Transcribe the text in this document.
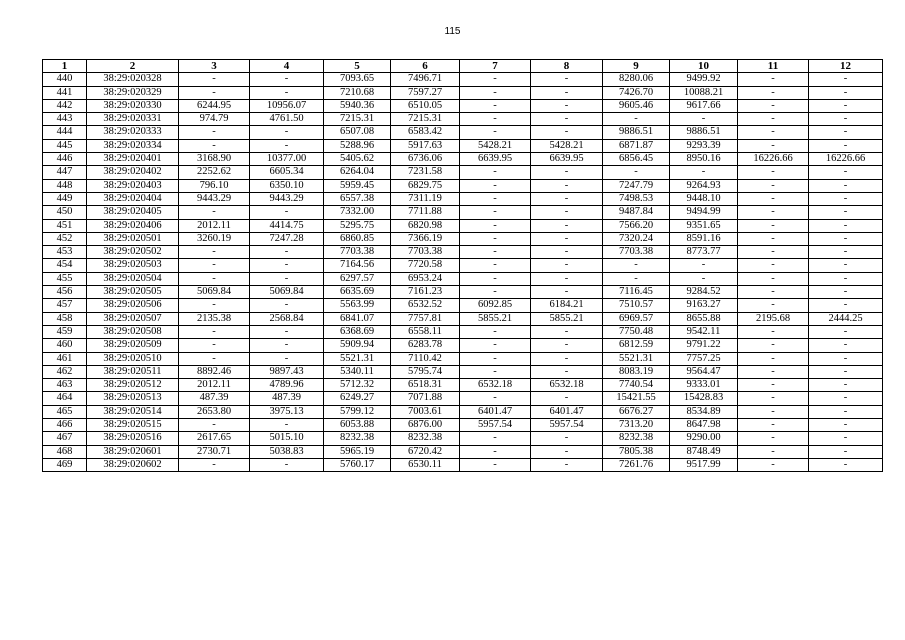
115
1	2	3	4	5	6	7	8	9	10	11	12
440	38:29:020328	-	-	7093.65	7496.71	-	-	8280.06	9499.92	-	-
441	38:29:020329	-	-	7210.68	7597.27	-	-	7426.70	10088.21	-	-
442	38:29:020330	6244.95	10956.07	5940.36	6510.05	-	-	9605.46	9617.66	-	-
443	38:29:020331	974.79	4761.50	7215.31	7215.31	-	-	-	-	-	-
444	38:29:020333	-	-	6507.08	6583.42	-	-	9886.51	9886.51	-	-
445	38:29:020334	-	-	5288.96	5917.63	5428.21	5428.21	6871.87	9293.39	-	-
446	38:29:020401	3168.90	10377.00	5405.62	6736.06	6639.95	6639.95	6856.45	8950.16	16226.66	16226.66
447	38:29:020402	2252.62	6605.34	6264.04	7231.58	-	-	-	-	-	-
448	38:29:020403	796.10	6350.10	5959.45	6829.75	-	-	7247.79	9264.93	-	-
449	38:29:020404	9443.29	9443.29	6557.38	7311.19	-	-	7498.53	9448.10	-	-
450	38:29:020405	-	-	7332.00	7711.88	-	-	9487.84	9494.99	-	-
451	38:29:020406	2012.11	4414.75	5295.75	6820.98	-	-	7566.20	9351.65	-	-
452	38:29:020501	3260.19	7247.28	6860.85	7366.19	-	-	7320.24	8591.16	-	-
453	38:29:020502	-	-	7703.38	7703.38	-	-	7703.38	8773.77	-	-
454	38:29:020503	-	-	7164.56	7720.58	-	-	-	-	-	-
455	38:29:020504	-	-	6297.57	6953.24	-	-	-	-	-	-
456	38:29:020505	5069.84	5069.84	6635.69	7161.23	-	-	7116.45	9284.52	-	-
457	38:29:020506	-	-	5563.99	6532.52	6092.85	6184.21	7510.57	9163.27	-	-
458	38:29:020507	2135.38	2568.84	6841.07	7757.81	5855.21	5855.21	6969.57	8655.88	2195.68	2444.25
459	38:29:020508	-	-	6368.69	6558.11	-	-	7750.48	9542.11	-	-
460	38:29:020509	-	-	5909.94	6283.78	-	-	6812.59	9791.22	-	-
461	38:29:020510	-	-	5521.31	7110.42	-	-	5521.31	7757.25	-	-
462	38:29:020511	8892.46	9897.43	5340.11	5795.74	-	-	8083.19	9564.47	-	-
463	38:29:020512	2012.11	4789.96	5712.32	6518.31	6532.18	6532.18	7740.54	9333.01	-	-
464	38:29:020513	487.39	487.39	6249.27	7071.88	-	-	15421.55	15428.83	-	-
465	38:29:020514	2653.80	3975.13	5799.12	7003.61	6401.47	6401.47	6676.27	8534.89	-	-
466	38:29:020515	-	-	6053.88	6876.00	5957.54	5957.54	7313.20	8647.98	-	-
467	38:29:020516	2617.65	5015.10	8232.38	8232.38	-	-	8232.38	9290.00	-	-
468	38:29:020601	2730.71	5038.83	5965.19	6720.42	-	-	7805.38	8748.49	-	-
469	38:29:020602	-	-	5760.17	6530.11	-	-	7261.76	9517.99	-	-
